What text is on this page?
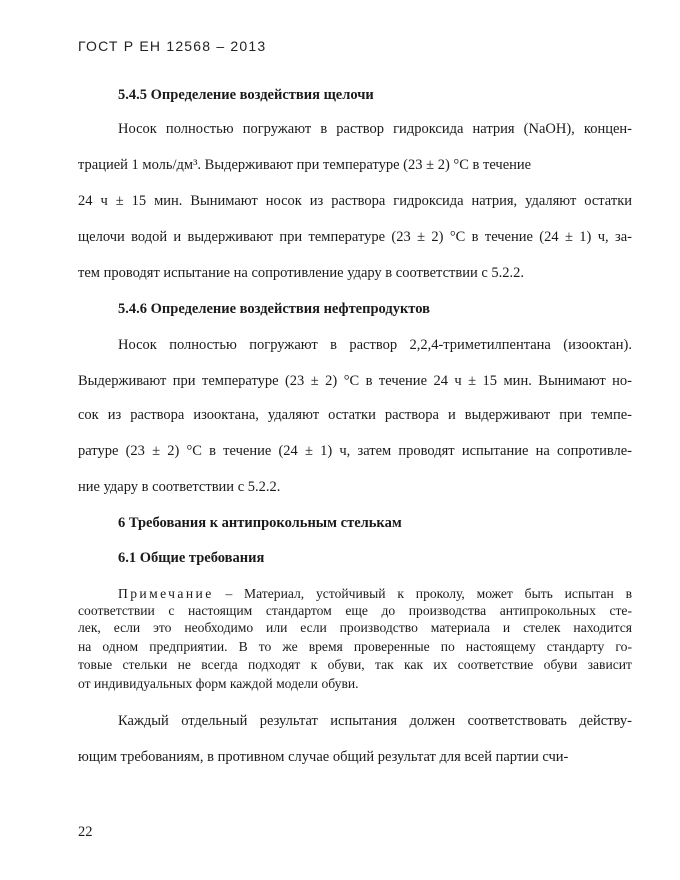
ГОСТ Р ЕН 12568 – 2013
5.4.5 Определение воздействия щелочи
Носок полностью погружают в раствор гидроксида натрия (NaOH), концен-
трацией 1 моль/дм³. Выдерживают при температуре (23 ± 2) °С в течение
24 ч ± 15 мин. Вынимают носок из раствора гидроксида натрия, удаляют остатки
щелочи водой и выдерживают при температуре (23 ± 2) °С в течение (24 ± 1) ч, за-
тем проводят испытание на сопротивление удару в соответствии с 5.2.2.
5.4.6 Определение воздействия нефтепродуктов
Носок полностью погружают в раствор 2,2,4-триметилпентана (изооктан).
Выдерживают при температуре (23 ± 2) °С в течение 24 ч ± 15 мин. Вынимают но-
сок из раствора изооктана, удаляют остатки раствора и выдерживают при темпе-
ратуре (23 ± 2) °С в течение (24 ± 1) ч, затем проводят испытание на сопротивле-
ние удару в соответствии с 5.2.2.
6 Требования к антипрокольным стелькам
6.1 Общие требования
Примечание – Материал, устойчивый к проколу, может быть испытан в
соответствии с настоящим стандартом еще до производства антипрокольных сте-
лек, если это необходимо или если производство материала и стелек находится
на одном предприятии. В то же время проверенные по настоящему стандарту го-
товые стельки не всегда подходят к обуви, так как их соответствие обуви зависит
от индивидуальных форм каждой модели обуви.
Каждый отдельный результат испытания должен соответствовать действу-
ющим требованиям, в противном случае общий результат для всей партии счи-
22
